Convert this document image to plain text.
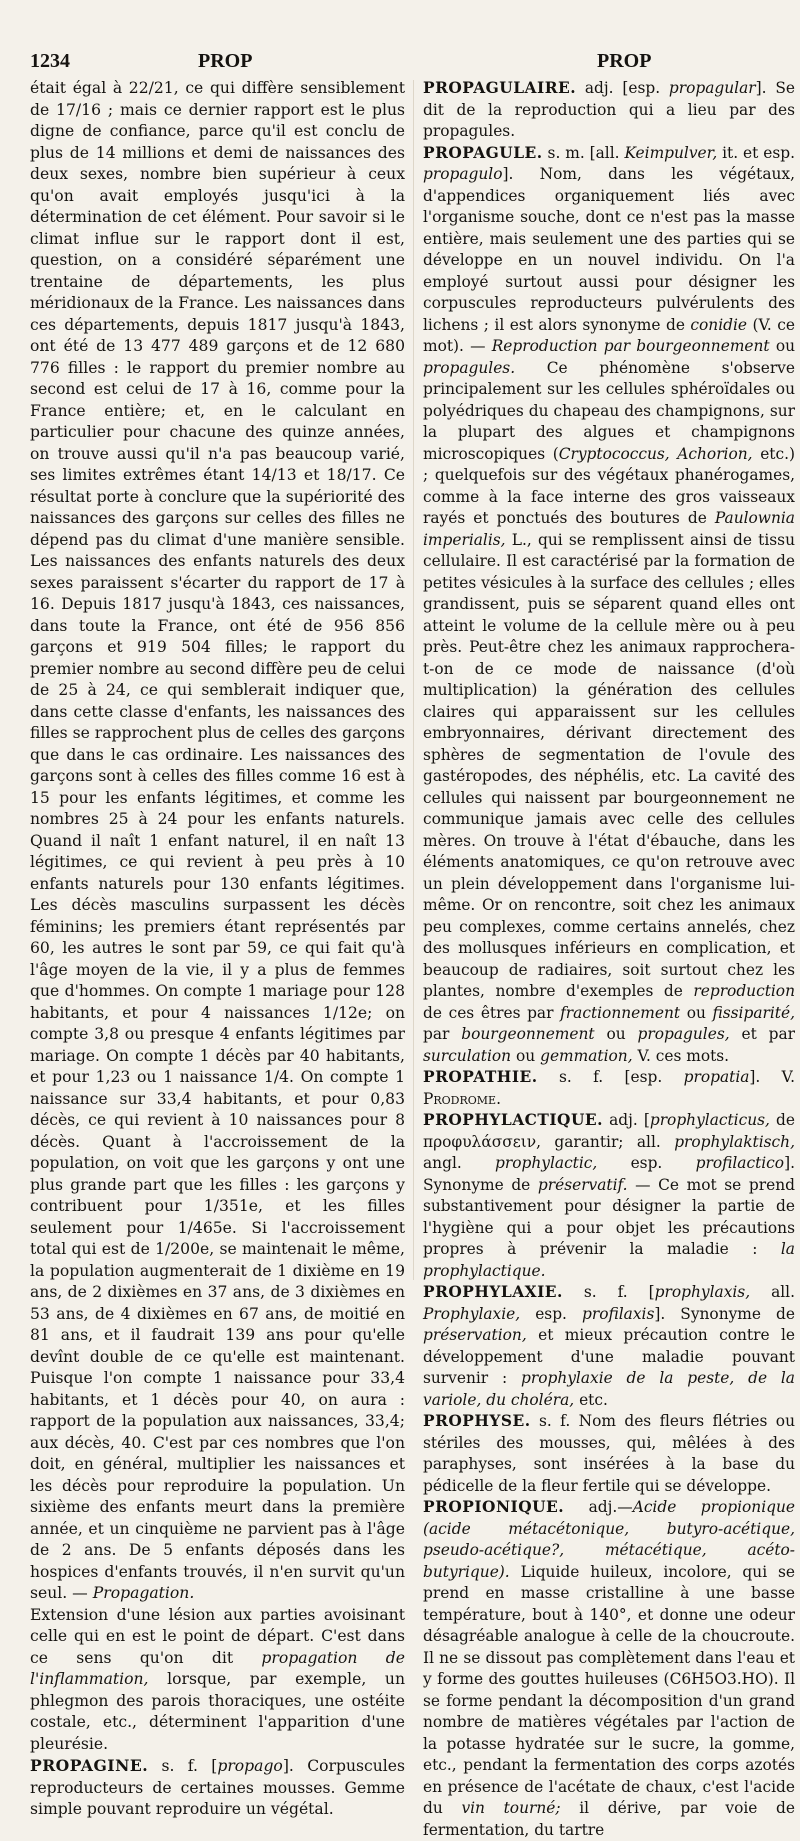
1234	PROP	PROP

était égal à 22/21, ce qui diffère sensiblement de 17/16 ; mais ce dernier rapport est le plus digne de confiance, parce qu'il est conclu de plus de 14 millions et demi de naissances des deux sexes, nombre bien supérieur à ceux qu'on avait employés jusqu'ici à la détermination de cet élément. Pour savoir si le climat influe sur le rapport dont il est, question, on a considéré séparément une trentaine de départements, les plus méridionaux de la France. Les naissances dans ces départements, depuis 1817 jusqu'à 1843, ont été de 13 477 489 garçons et de 12 680 776 filles : le rapport du premier nombre au second est celui de 17 à 16, comme pour la France entière; et, en le calculant en particulier pour chacune des quinze années, on trouve aussi qu'il n'a pas beaucoup varié, ses limites extrêmes étant 14/13 et 18/17. Ce résultat porte à conclure que la supériorité des naissances des garçons sur celles des filles ne dépend pas du climat d'une manière sensible. Les naissances des enfants naturels des deux sexes paraissent s'écarter du rapport de 17 à 16. Depuis 1817 jusqu'à 1843, ces naissances, dans toute la France, ont été de 956 856 garçons et 919 504 filles; le rapport du premier nombre au second diffère peu de celui de 25 à 24, ce qui semblerait indiquer que, dans cette classe d'enfants, les naissances des filles se rapprochent plus de celles des garçons que dans le cas ordinaire. Les naissances des garçons sont à celles des filles comme 16 est à 15 pour les enfants légitimes, et comme les nombres 25 à 24 pour les enfants naturels. Quand il naît 1 enfant naturel, il en naît 13 légitimes, ce qui revient à peu près à 10 enfants naturels pour 130 enfants légitimes. Les décès masculins surpassent les décès féminins; les premiers étant représentés par 60, les autres le sont par 59, ce qui fait qu'à l'âge moyen de la vie, il y a plus de femmes que d'hommes. On compte 1 mariage pour 128 habitants, et pour 4 naissances 1/12e; on compte 3,8 ou presque 4 enfants légitimes par mariage. On compte 1 décès par 40 habitants, et pour 1,23 ou 1 naissance 1/4. On compte 1 naissance sur 33,4 habitants, et pour 0,83 décès, ce qui revient à 10 naissances pour 8 décès. Quant à l'accroissement de la population, on voit que les garçons y ont une plus grande part que les filles : les garçons y contribuent pour 1/351e, et les filles seulement pour 1/465e. Si l'accroissement total qui est de 1/200e, se maintenait le même, la population augmenterait de 1 dixième en 19 ans, de 2 dixièmes en 37 ans, de 3 dixièmes en 53 ans, de 4 dixièmes en 67 ans, de moitié en 81 ans, et il faudrait 139 ans pour qu'elle devînt double de ce qu'elle est maintenant. Puisque l'on compte 1 naissance pour 33,4 habitants, et 1 décès pour 40, on aura : rapport de la population aux naissances, 33,4; aux décès, 40. C'est par ces nombres que l'on doit, en général, multiplier les naissances et les décès pour reproduire la population. Un sixième des enfants meurt dans la première année, et un cinquième ne parvient pas à l'âge de 2 ans. De 5 enfants déposés dans les hospices d'enfants trouvés, il n'en survit qu'un seul. — Propagation.

Extension d'une lésion aux parties avoisinant celle qui en est le point de départ. C'est dans ce sens qu'on dit propagation de l'inflammation, lorsque, par exemple, un phlegmon des parois thoraciques, une ostéite costale, etc., déterminent l'apparition d'une pleurésie.

PROPAGINE. s. f. [propago]. Corpuscules reproducteurs de certaines mousses. Gemme simple pouvant reproduire un végétal.

PROPAGULAIRE. adj. [esp. propagular]. Se dit de la reproduction qui a lieu par des propagules.

PROPAGULE. s. m. [all. Keimpulver, it. et esp. propagulo]. Nom, dans les végétaux, d'appendices organiquement liés avec l'organisme souche, dont ce n'est pas la masse entière, mais seulement une des parties qui se développe en un nouvel individu. On l'a employé surtout aussi pour désigner les corpuscules reproducteurs pulvérulents des lichens ; il est alors synonyme de conidie (V. ce mot). — Reproduction par bourgeonnement ou propagules. Ce phénomène s'observe principalement sur les cellules sphéroïdales ou polyédriques du chapeau des champignons, sur la plupart des algues et champignons microscopiques (Cryptococcus, Achorion, etc.) ; quelquefois sur des végétaux phanérogames, comme à la face interne des gros vaisseaux rayés et ponctués des boutures de Paulownia imperialis, L., qui se remplissent ainsi de tissu cellulaire. Il est caractérisé par la formation de petites vésicules à la surface des cellules ; elles grandissent, puis se séparent quand elles ont atteint le volume de la cellule mère ou à peu près. Peut-être chez les animaux rapprochera-t-on de ce mode de naissance (d'où multiplication) la génération des cellules claires qui apparaissent sur les cellules embryonnaires, dérivant directement des sphères de segmentation de l'ovule des gastéropodes, des néphélis, etc. La cavité des cellules qui naissent par bourgeonnement ne communique jamais avec celle des cellules mères. On trouve à l'état d'ébauche, dans les éléments anatomiques, ce qu'on retrouve avec un plein développement dans l'organisme lui-même. Or on rencontre, soit chez les animaux peu complexes, comme certains annelés, chez des mollusques inférieurs en complication, et beaucoup de radiaires, soit surtout chez les plantes, nombre d'exemples de reproduction de ces êtres par fractionnement ou fissiparité, par bourgeonnement ou propagules, et par surculation ou gemmation, V. ces mots.

PROPATHIE. s. f. [esp. propatia]. V. Prodrome.

PROPHYLACTIQUE. adj. [prophylacticus, de προφυλάσσειν, garantir; all. prophylaktisch, angl. prophylactic, esp. profilactico]. Synonyme de préservatif. — Ce mot se prend substantivement pour désigner la partie de l'hygiène qui a pour objet les précautions propres à prévenir la maladie : la prophylactique.

PROPHYLAXIE. s. f. [prophylaxis, all. Prophylaxie, esp. profilaxis]. Synonyme de préservation, et mieux précaution contre le développement d'une maladie pouvant survenir : prophylaxie de la peste, de la variole, du choléra, etc.

PROPHYSE. s. f. Nom des fleurs flétries ou stériles des mousses, qui, mêlées à des paraphyses, sont insérées à la base du pédicelle de la fleur fertile qui se développe.

PROPIONIQUE. adj.—Acide propionique (acide métacétonique, butyro-acétique, pseudo-acétique?, métacétique, acéto-butyrique). Liquide huileux, incolore, qui se prend en masse cristalline à une basse température, bout à 140°, et donne une odeur désagréable analogue à celle de la choucroute. Il ne se dissout pas complètement dans l'eau et y forme des gouttes huileuses (C6H5O3.HO). Il se forme pendant la décomposition d'un grand nombre de matières végétales par l'action de la potasse hydratée sur le sucre, la gomme, etc., pendant la fermentation des corps azotés en présence de l'acétate de chaux, c'est l'acide du vin tourné; il dérive, par voie de fermentation, du tartre
